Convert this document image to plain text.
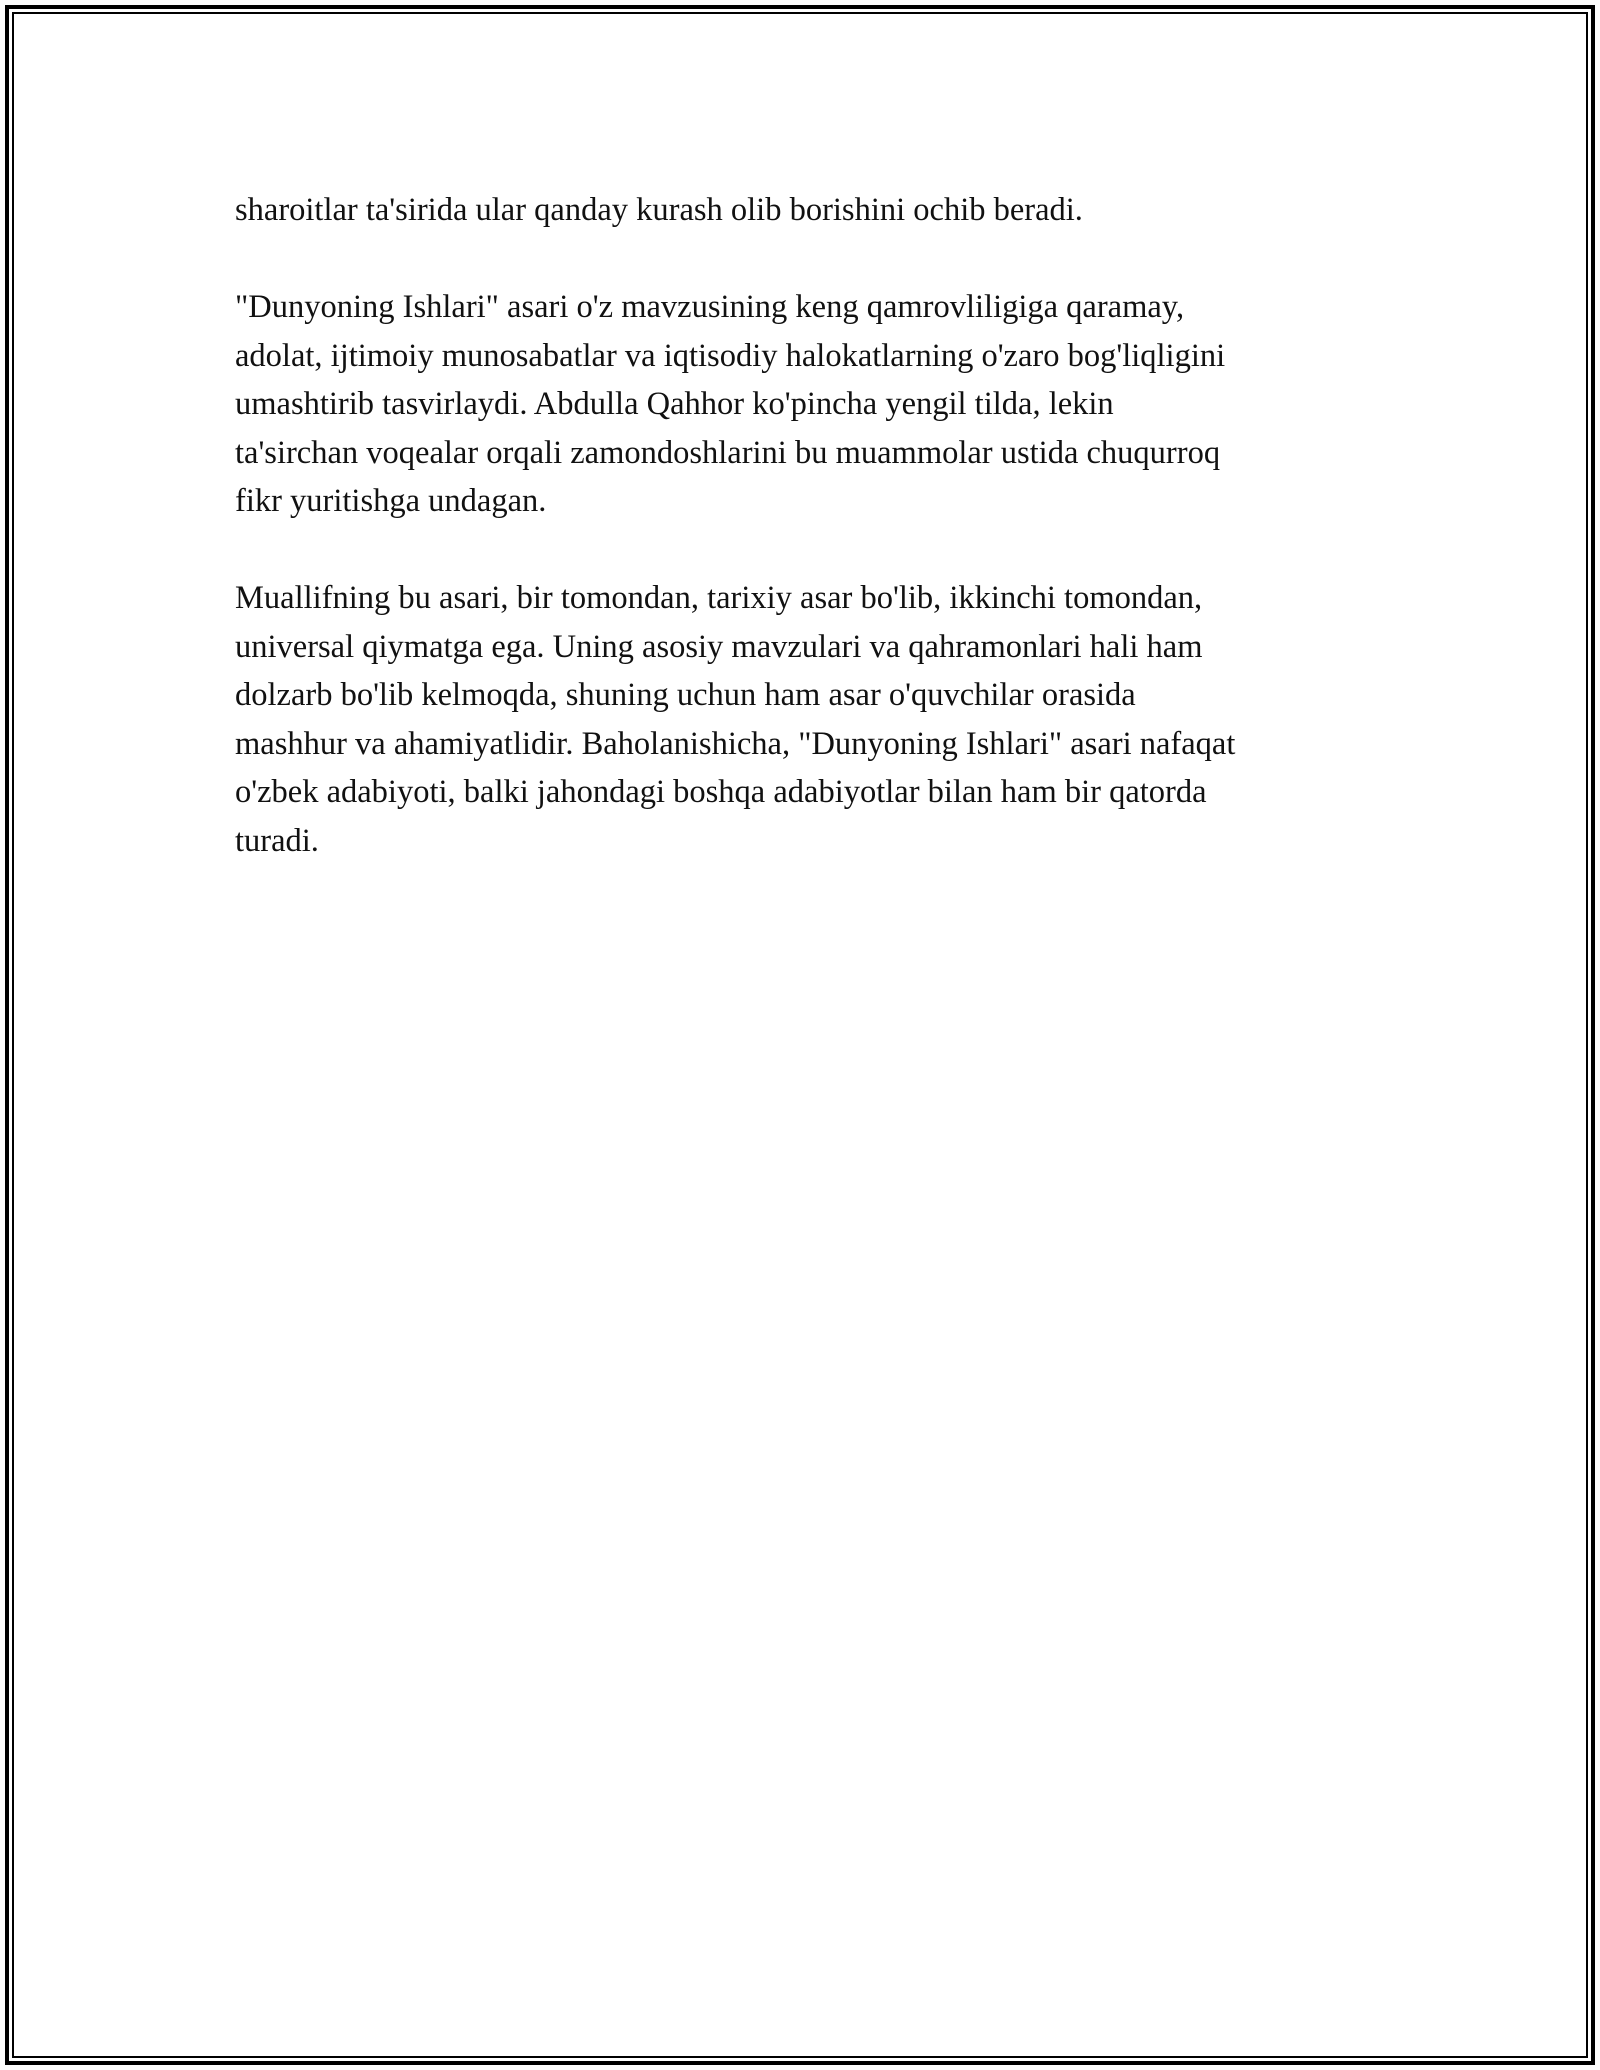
sharoitlar ta'sirida ular qanday kurash olib borishini ochib beradi.

"Dunyoning Ishlari" asari o'z mavzusining keng qamrovliligiga qaramay,
adolat, ijtimoiy munosabatlar va iqtisodiy halokatlarning o'zaro bog'liqligini
umashtirib tasvirlaydi. Abdulla Qahhor ko'pincha yengil tilda, lekin
ta'sirchan voqealar orqali zamondoshlarini bu muammolar ustida chuqurroq
fikr yuritishga undagan.

Muallifning bu asari, bir tomondan, tarixiy asar bo'lib, ikkinchi tomondan,
universal qiymatga ega. Uning asosiy mavzulari va qahramonlari hali ham
dolzarb bo'lib kelmoqda, shuning uchun ham asar o'quvchilar orasida
mashhur va ahamiyatlidir. Baholanishicha, "Dunyoning Ishlari" asari nafaqat
o'zbek adabiyoti, balki jahondagi boshqa adabiyotlar bilan ham bir qatorda
turadi.
